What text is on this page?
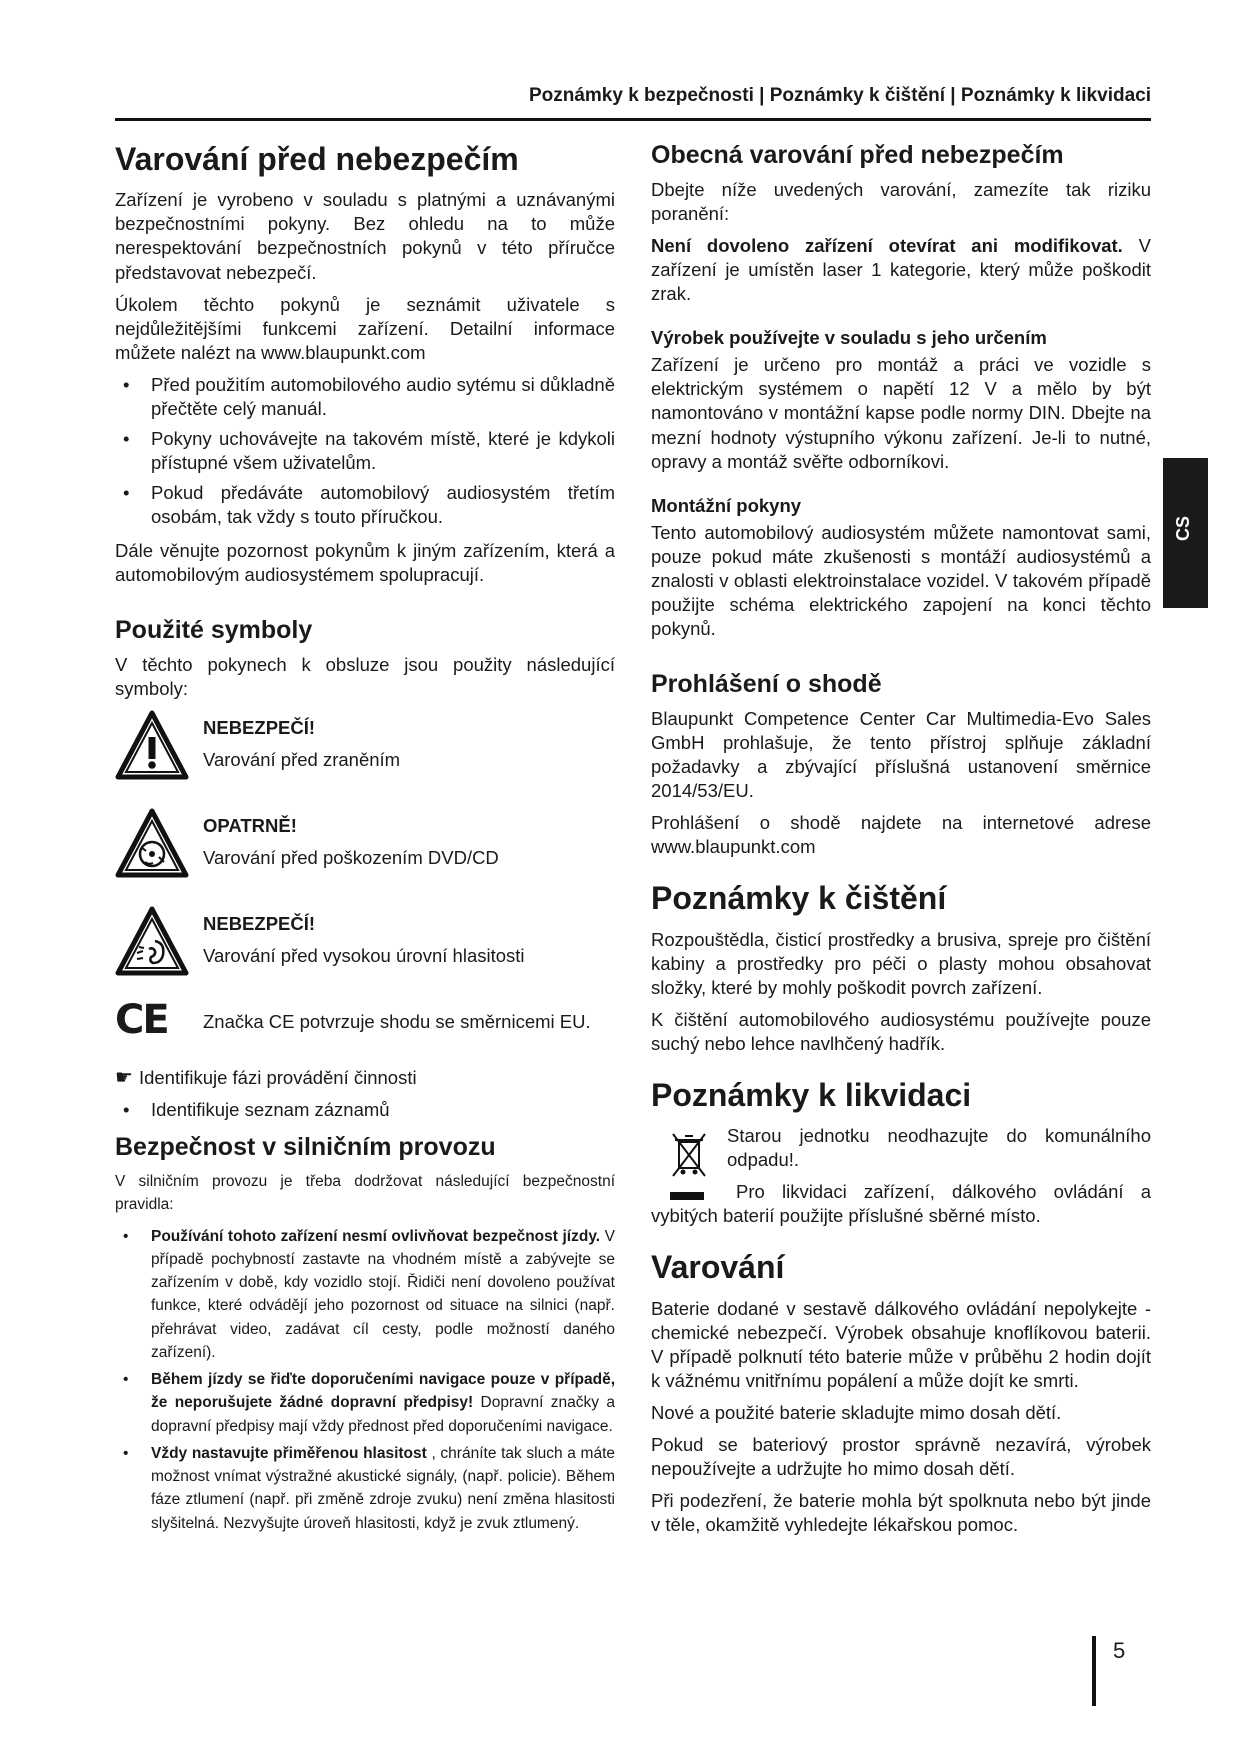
Poznámky k bezpečnosti | Poznámky k čištění | Poznámky k likvidaci
CS
Varování před nebezpečím

Zařízení je vyrobeno v souladu s platnými a uznávanými bezpečnostními pokyny. Bez ohledu na to může nerespektování bezpečnostních pokynů v této příručce představovat nebezpečí.

Úkolem těchto pokynů je seznámit uživatele s nejdůležitějšími funkcemi zařízení. Detailní informace můžete nalézt na www.blaupunkt.com

• Před použitím automobilového audio sytému si důkladně přečtěte celý manuál.
• Pokyny uchovávejte na takovém místě, které je kdykoli přístupné všem uživatelům.
• Pokud předáváte automobilový audiosystém třetím osobám, tak vždy s touto příručkou.

Dále věnujte pozornost pokynům k jiným zařízením, která a automobilovým audiosystémem spolupracují.

Použité symboly

V těchto pokynech k obsluze jsou použity následující symboly:

NEBEZPEČÍ!
Varování před zraněním
OPATRNĚ!
Varování před poškozením DVD/CD
NEBEZPEČÍ!
Varování před vysokou úrovní hlasitosti
CE Značka CE potvrzuje shodu se směrnicemi EU.
☛ Identifikuje fázi provádění činnosti
• Identifikuje seznam záznamů
Bezpečnost v silničním provozu

V silničním provozu je třeba dodržovat následující bezpečnostní pravidla:

• Používání tohoto zařízení nesmí ovlivňovat bezpečnost jízdy. V případě pochybností zastavte na vhodném místě a zabývejte se zařízením v době, kdy vozidlo stojí. Řidiči není dovoleno používat funkce, které odvádějí jeho pozornost od situace na silnici (např. přehrávat video, zadávat cíl cesty, podle možností daného zařízení).
• Během jízdy se řiďte doporučeními navigace pouze v případě, že neporušujete žádné dopravní předpisy! Dopravní značky a dopravní předpisy mají vždy přednost před doporučeními navigace.
• Vždy nastavujte přiměřenou hlasitost , chráníte tak sluch a máte možnost vnímat výstražné akustické signály, (např. policie). Během fáze ztlumení (např. při změně zdroje zvuku) není změna hlasitosti slyšitelná. Nezvyšujte úroveň hlasitosti, když je zvuk ztlumený.
Obecná varování před nebezpečím

Dbejte níže uvedených varování, zamezíte tak riziku poranění:

Není dovoleno zařízení otevírat ani modifikovat. V zařízení je umístěn laser 1 kategorie, který může poškodit zrak.

Výrobek používejte v souladu s jeho určením

Zařízení je určeno pro montáž a práci ve vozidle s elektrickým systémem o napětí 12 V a mělo by být namontováno v montážní kapse podle normy DIN. Dbejte na mezní hodnoty výstupního výkonu zařízení. Je-li to nutné, opravy a montáž svěřte odborníkovi.

Montážní pokyny

Tento automobilový audiosystém můžete namontovat sami, pouze pokud máte zkušenosti s montáží audiosystémů a znalosti v oblasti elektroinstalace vozidel. V takovém případě použijte schéma elektrického zapojení na konci těchto pokynů.

Prohlášení o shodě

Blaupunkt Competence Center Car Multimedia-Evo Sales GmbH prohlašuje, že tento přístroj splňuje základní požadavky a zbývající příslušná ustanovení směrnice 2014/53/EU.

Prohlášení o shodě najdete na internetové adrese www.blaupunkt.com

Poznámky k čištění

Rozpouštědla, čisticí prostředky a brusiva, spreje pro čištění kabiny a prostředky pro péči o plasty mohou obsahovat složky, které by mohly poškodit povrch zařízení.

K čištění automobilového audiosystému používejte pouze suchý nebo lehce navlhčený hadřík.

Poznámky k likvidaci

Starou jednotku neodhazujte do komunálního odpadu!.

Pro likvidaci zařízení, dálkového ovládání a vybitých baterií použijte příslušné sběrné místo.

Varování

Baterie dodané v sestavě dálkového ovládání nepolykejte - chemické nebezpečí. Výrobek obsahuje knoflíkovou baterii. V případě polknutí této baterie může v průběhu 2 hodin dojít k vážnému vnitřnímu popálení a může dojít ke smrti.

Nové a použité baterie skladujte mimo dosah dětí.

Pokud se bateriový prostor správně nezavírá, výrobek nepoužívejte a udržujte ho mimo dosah dětí.

Při podezření, že baterie mohla být spolknuta nebo být jinde v těle, okamžitě vyhledejte lékařskou pomoc.

5
